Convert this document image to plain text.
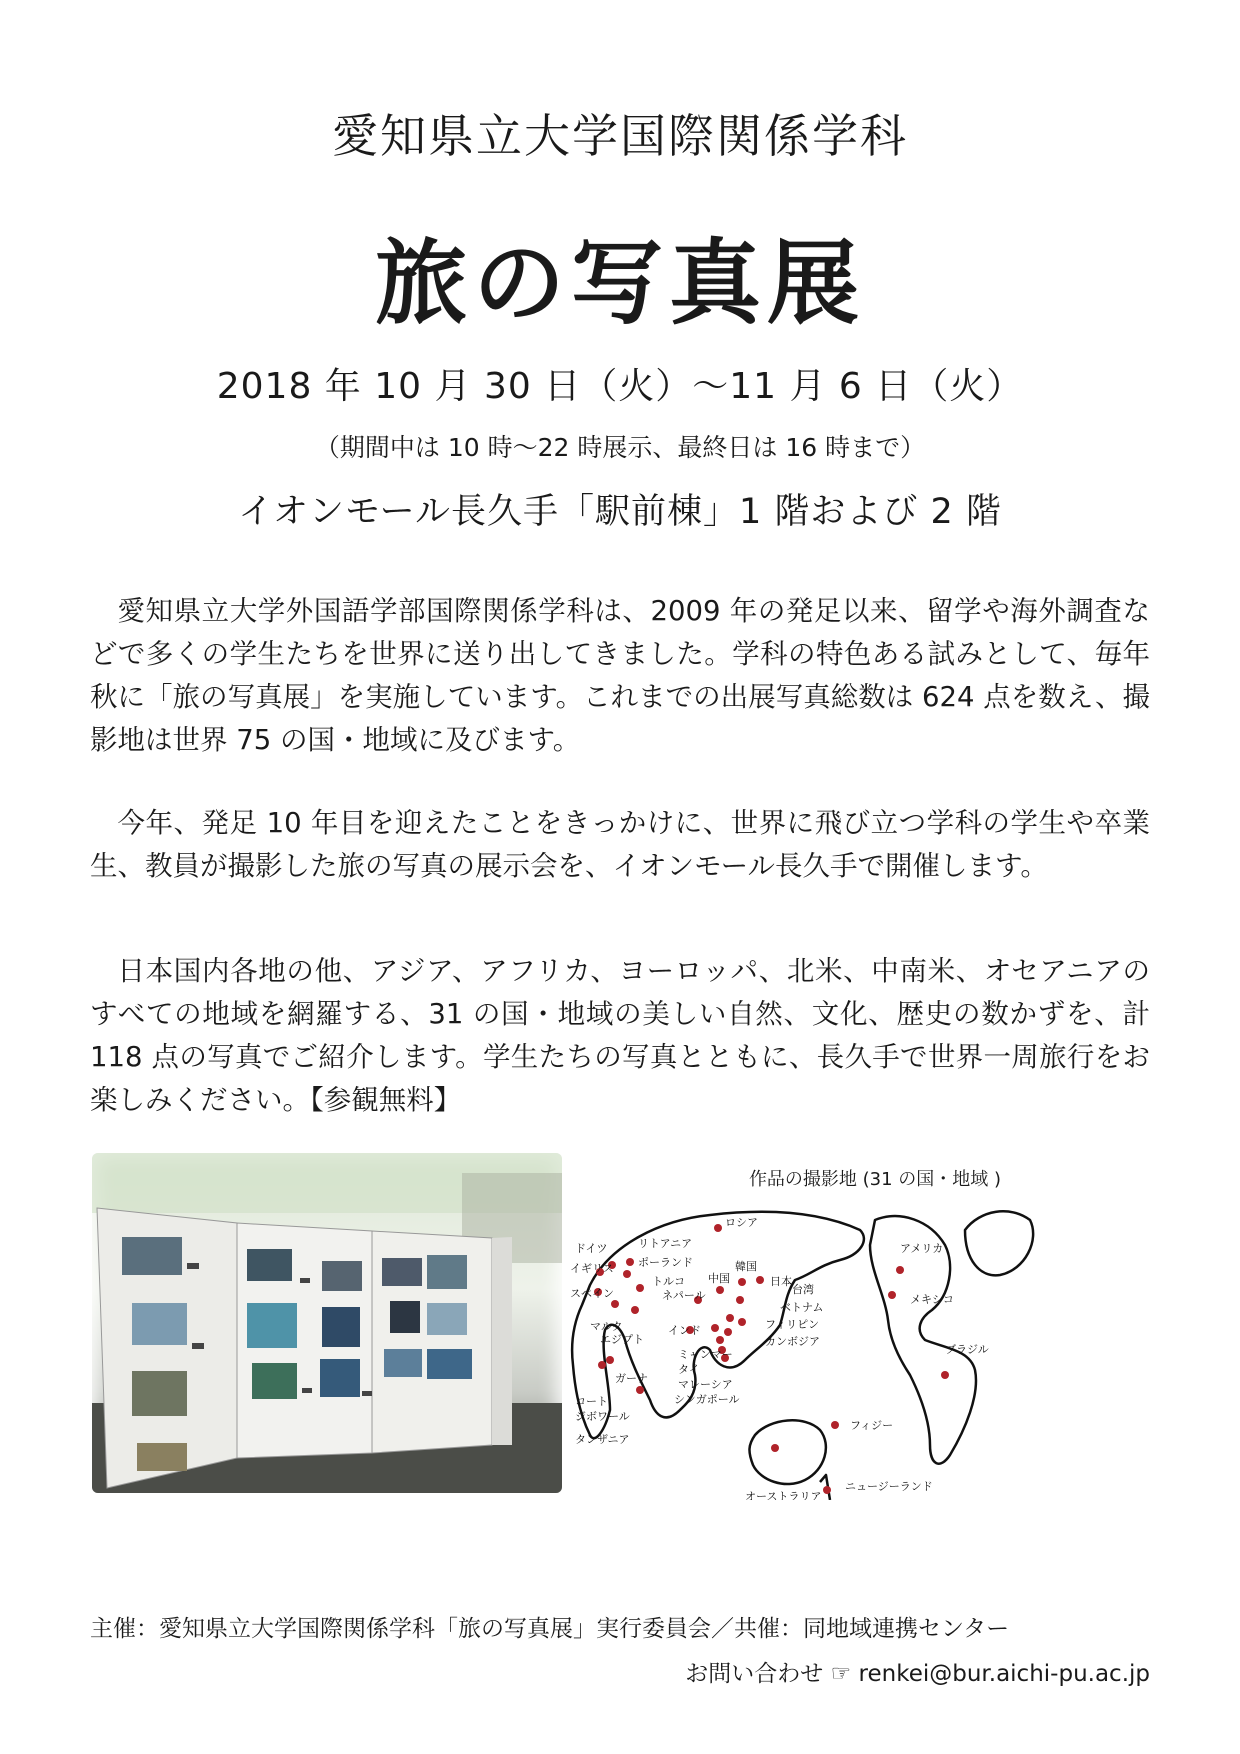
愛知県立大学国際関係学科
旅の写真展
2018 年 10 月 30 日（火）～11 月 6 日（火）
（期間中は 10 時～22 時展示、最終日は 16 時まで）
イオンモール長久手「駅前棟」1 階および 2 階

愛知県立大学外国語学部国際関係学科は、2009 年の発足以来、留学や海外調査などで多くの学生たちを世界に送り出してきました。学科の特色ある試みとして、毎年秋に「旅の写真展」を実施しています。これまでの出展写真総数は 624 点を数え、撮影地は世界 75 の国・地域に及びます。

今年、発足 10 年目を迎えたことをきっかけに、世界に飛び立つ学科の学生や卒業生、教員が撮影した旅の写真の展示会を、イオンモール長久手で開催します。

日本国内各地の他、アジア、アフリカ、ヨーロッパ、北米、中南米、オセアニアのすべての地域を網羅する、31 の国・地域の美しい自然、文化、歴史の数かずを、計 118 点の写真でご紹介します。学生たちの写真とともに、長久手で世界一周旅行をお楽しみください。【参観無料】

作品の撮影地 (31 の国・地域 )
ドイツ
イギリス
スペイン
マルタ
エジプト
リトアニア
ポーランド
トルコ
ガーナ
コート
ジボワール
タンザニア
ロシア
中国
韓国
日本
ネパール
インド
台湾
ベトナム
フィリピン
カンボジア
ミャンマー
タイ
マレーシア
シンガポール
オーストラリア
フィジー
ニュージーランド
アメリカ
メキシコ
ブラジル
主催：愛知県立大学国際関係学科「旅の写真展」実行委員会／共催：同地域連携センター
お問い合わせ ☞ renkei@bur.aichi-pu.ac.jp
